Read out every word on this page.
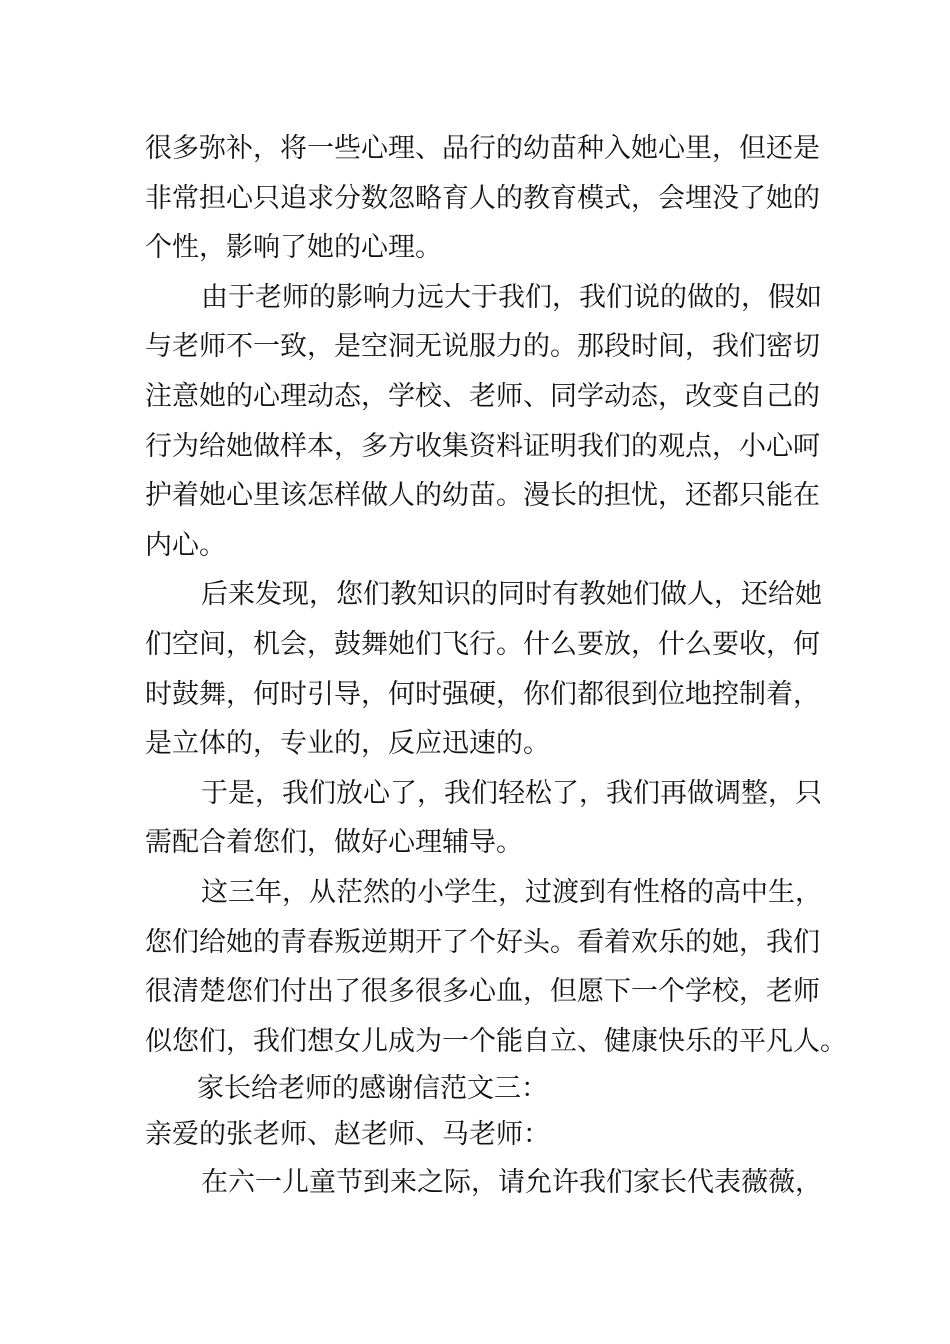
很多弥补，将一些心理、品行的幼苗种入她心里，但还是
非常担心只追求分数忽略育人的教育模式，会埋没了她的
个性，影响了她的心理。
由于老师的影响力远大于我们，我们说的做的，假如
与老师不一致，是空洞无说服力的。那段时间，我们密切
注意她的心理动态，学校、老师、同学动态，改变自己的
行为给她做样本，多方收集资料证明我们的观点，小心呵
护着她心里该怎样做人的幼苗。漫长的担忧，还都只能在
内心。
后来发现，您们教知识的同时有教她们做人，还给她
们空间，机会，鼓舞她们飞行。什么要放，什么要收，何
时鼓舞，何时引导，何时强硬，你们都很到位地控制着，
是立体的，专业的，反应迅速的。
于是，我们放心了，我们轻松了，我们再做调整，只
需配合着您们，做好心理辅导。
这三年，从茫然的小学生，过渡到有性格的高中生，
您们给她的青春叛逆期开了个好头。看着欢乐的她，我们
很清楚您们付出了很多很多心血，但愿下一个学校，老师
似您们，我们想女儿成为一个能自立、健康快乐的平凡人。
家长给老师的感谢信范文三：
亲爱的张老师、赵老师、马老师：
在六一儿童节到来之际，请允许我们家长代表薇薇，
